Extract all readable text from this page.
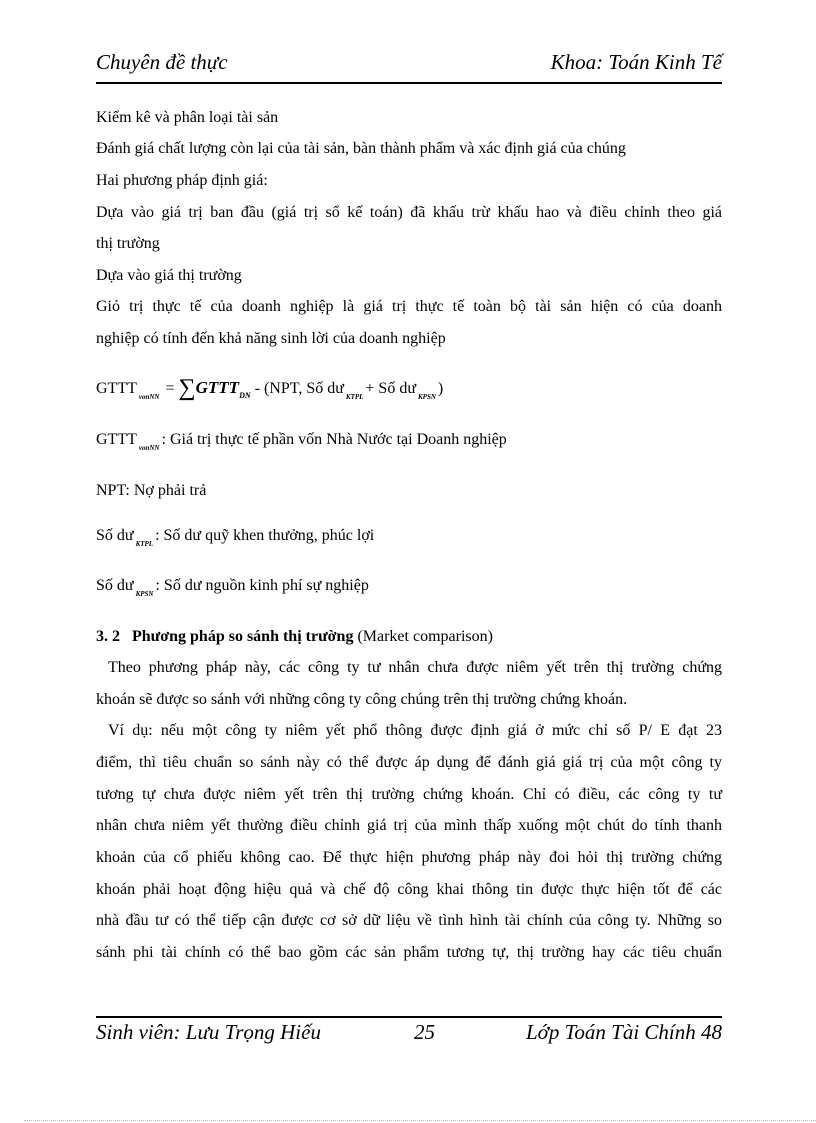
Chuyên đề thực	Khoa: Toán Kinh Tế
Kiểm kê và phân loại tài sản
Đánh giá chất lượng còn lại của tài sản, bàn thành phẩm và xác định giá của chúng
Hai phương pháp định giá:
Dựa vào giá trị ban đầu (giá trị sổ kế toán) đã khấu trừ khấu hao và điều chỉnh theo giá
thị trường
Dựa vào giá thị trường
Giỏ trị thực tế của doanh nghiệp là giá trị thực tế toàn bộ tài sản hiện có của doanh
nghiệp có tính đến khả năng sinh lời của doanh nghiệp
GTTT $_{vonNN} = \sum GTTT_{DN} - (NPT$, Số dư $_{KTPL}$ + Số dư $_{KPSN}$ )
GTTT $_{vonNN}$ : Giá trị thực tế phần vốn Nhà Nước tại Doanh nghiệp
NPT: Nợ phải trả
Số dư $_{KTPL}$ : Số dư quỹ khen thưởng, phúc lợi
Số dư $_{KPSN}$ : Số dư nguồn kinh phí sự nghiệp
3. 2 Phương pháp so sánh thị trường (Market comparison)
Theo phương pháp này, các công ty tư nhân chưa được niêm yết trên thị trường chứng
khoán sẽ được so sánh với những công ty công chúng trên thị trường chứng khoán.
Ví dụ: nếu một công ty niêm yết phổ thông được định giá ở mức chỉ số P/ E đạt 23
điểm, thì tiêu chuẩn so sánh này có thể được áp dụng để đánh giá giá trị của một công ty
tương tự chưa được niêm yết trên thị trường chứng khoán. Chỉ có điều, các công ty tư
nhân chưa niêm yết thường điều chỉnh giá trị của mình thấp xuống một chút do tính thanh
khoản của cổ phiếu không cao. Để thực hiện phương pháp này đoi hỏi thị trường chứng
khoán phải hoạt động hiệu quả và chế độ công khai thông tin được thực hiện tốt để các
nhà đầu tư có thể tiếp cận được cơ sở dữ liệu về tình hình tài chính của công ty. Những so
sánh phi tài chính có thể bao gồm các sản phẩm tương tự, thị trường hay các tiêu chuẩn
Sinh viên: Lưu Trọng Hiếu	25	Lớp Toán Tài Chính 48
